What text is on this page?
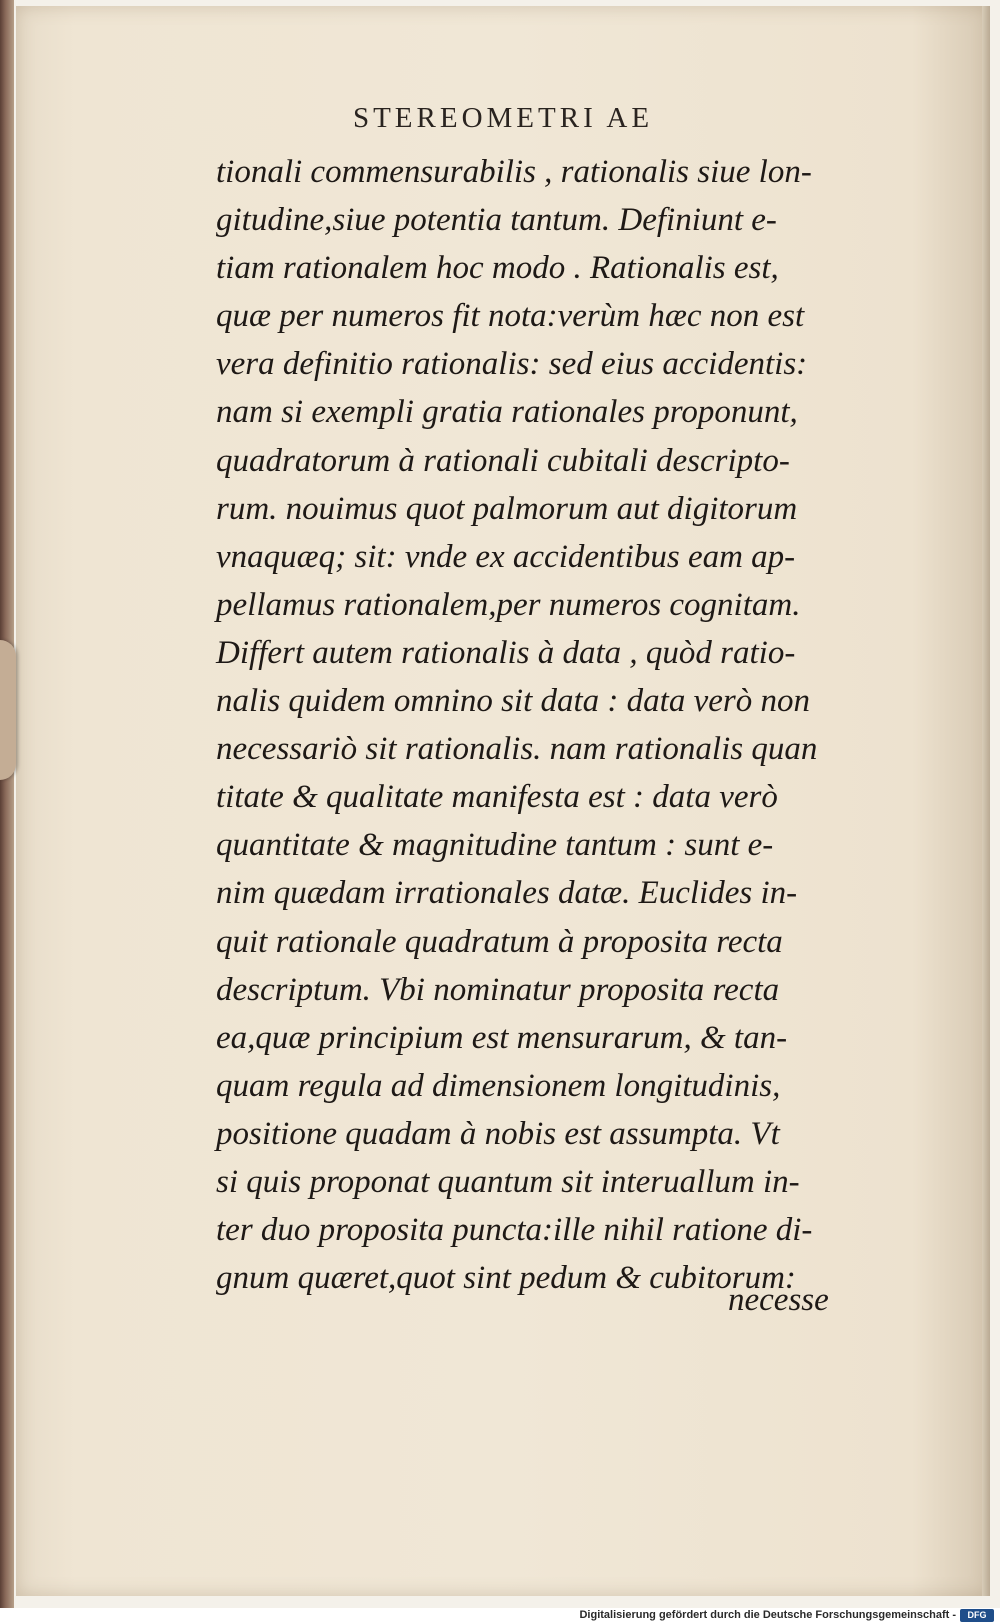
STEREOMETRI AE
tionali commensurabilis , rationalis siue lon-
gitudine,siue potentia tantum. Definiunt e-
tiam rationalem hoc modo . Rationalis est,
quæ per numeros fit nota:verùm hæc non est
vera definitio rationalis: sed eius accidentis:
nam si exempli gratia rationales proponunt,
quadratorum à rationali cubitali descripto-
rum. nouimus quot palmorum aut digitorum
vnaquæq; sit: vnde ex accidentibus eam ap-
pellamus rationalem,per numeros cognitam.
Differt autem rationalis à data , quòd ratio-
nalis quidem omnino sit data : data verò non
necessariò sit rationalis. nam rationalis quan
titate & qualitate manifesta est : data verò
quantitate & magnitudine tantum : sunt e-
nim quædam irrationales datæ. Euclides in-
quit rationale quadratum à proposita recta
descriptum. Vbi nominatur proposita recta
ea,quæ principium est mensurarum, & tan-
quam regula ad dimensionem longitudinis,
positione quadam à nobis est assumpta. Vt
si quis proponat quantum sit interuallum in-
ter duo proposita puncta:ille nihil ratione di-
gnum quæret,quot sint pedum & cubitorum:
necesse
Digitalisierung gefördert durch die Deutsche Forschungsgemeinschaft -	DFG
